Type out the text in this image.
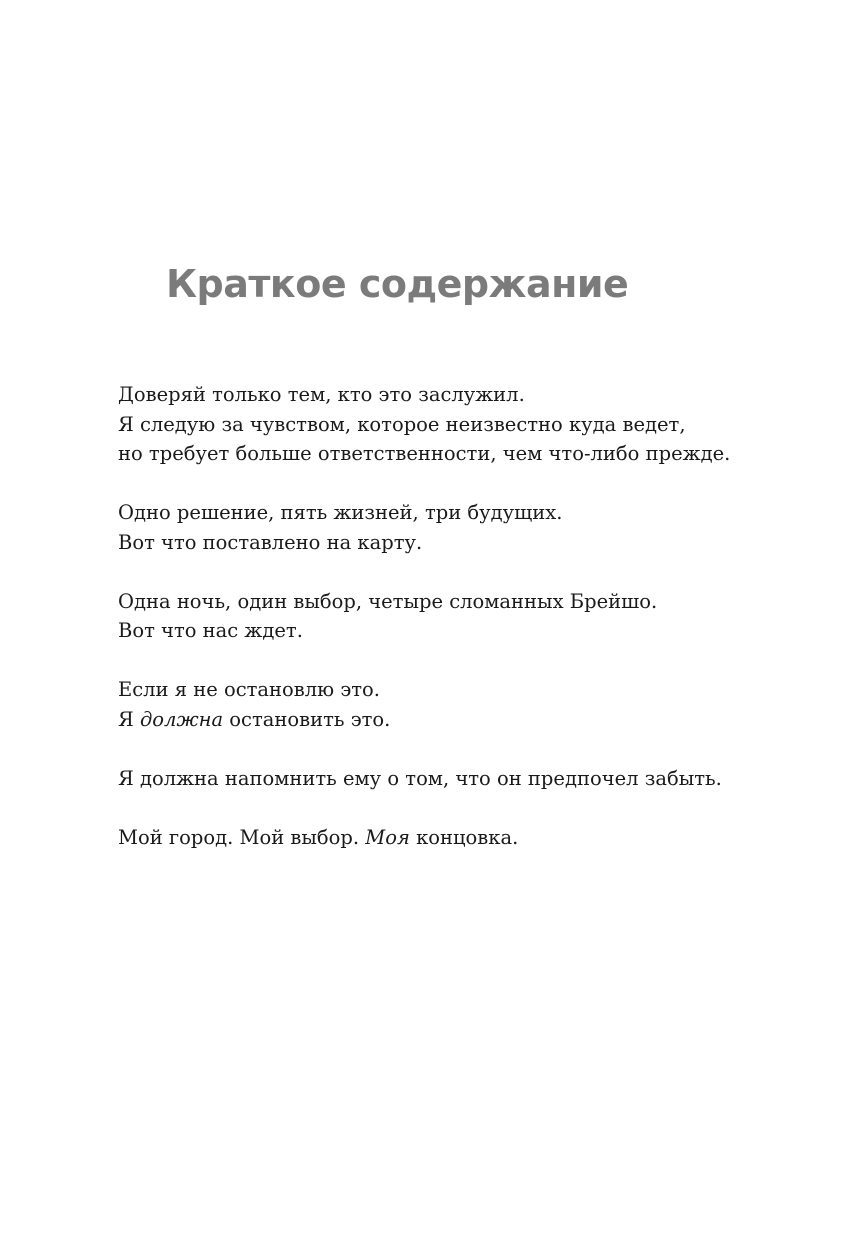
Краткое содержание

Доверяй только тем, кто это заслужил.
Я следую за чувством, которое неизвестно куда ведет,
но требует больше ответственности, чем что-либо прежде.

Одно решение, пять жизней, три будущих.
Вот что поставлено на карту.

Одна ночь, один выбор, четыре сломанных Брейшо.
Вот что нас ждет.

Если я не остановлю это.
Я должна остановить это.

Я должна напомнить ему о том, что он предпочел забыть.

Мой город. Мой выбор. Моя концовка.
